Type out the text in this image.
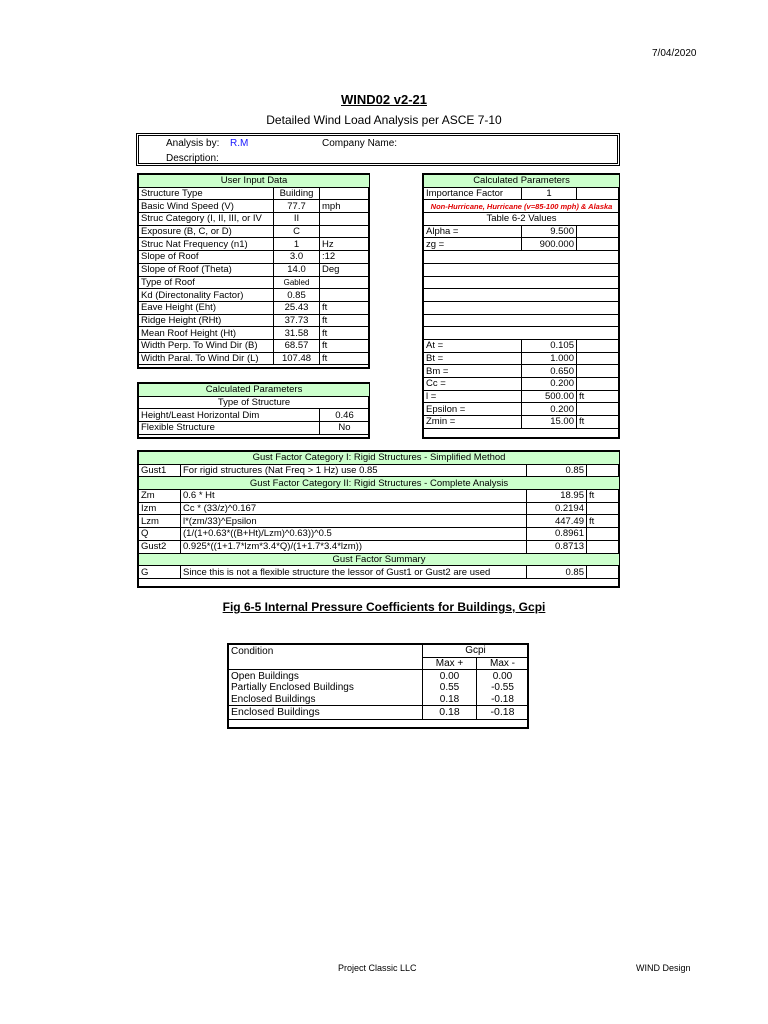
7/04/2020
WIND02 v2-21
Detailed Wind Load Analysis per ASCE 7-10
Analysis by: R.M	Company Name:
Description:
User Input Data		
Structure Type	Building	
Basic Wind Speed (V)	77.7	mph
Struc Category (I, II, III, or IV	II	
Exposure (B, C, or D)	C	
Struc Nat Frequency (n1)	1	Hz
Slope of Roof	3.0	:12
Slope of Roof (Theta)	14.0	Deg
Type of Roof	Gabled	
Kd (Directonality Factor)	0.85	
Eave Height (Eht)	25.43	ft
Ridge Height (RHt)	37.73	ft
Mean Roof Height (Ht)	31.58	ft
Width Perp. To Wind Dir (B)	68.57	ft
Width Paral. To Wind Dir (L)	107.48	ft
Calculated Parameters		
Importance Factor	1	
Non-Hurricane, Hurricane (v=85-100 mph) & Alaska		
Table 6-2 Values		
Alpha =	9.500	
zg =	900.000	

At =	0.105	
Bt =	1.000	
Bm =	0.650	
Cc =	0.200	
l =	500.00	ft
Epsilon =	0.200	
Zmin =	15.00	ft
Calculated Parameters	
Type of Structure	
Height/Least Horizontal Dim	0.46
Flexible Structure	No
Gust Factor Category I: Rigid Structures - Simplified Method			
Gust1	For rigid structures (Nat Freq > 1 Hz) use 0.85	0.85	
Gust Factor Category II: Rigid Structures - Complete Analysis			
Zm	0.6 * Ht	18.95	ft
Izm	Cc * (33/z)^0.167	0.2194	
Lzm	l*(zm/33)^Epsilon	447.49	ft
Q	(1/(1+0.63*((B+Ht)/Lzm)^0.63))^0.5	0.8961	
Gust2	0.925*((1+1.7*lzm*3.4*Q)/(1+1.7*3.4*lzm))	0.8713	
Gust Factor Summary			
G	Since this is not a flexible structure the lessor of Gust1 or Gust2 are used	0.85	
Fig 6-5 Internal Pressure Coefficients for Buildings, Gcpi
Condition	Gcpi	
	Max +	Max -
Open Buildings	0.00	0.00
Partially Enclosed Buildings	0.55	-0.55
Enclosed Buildings	0.18	-0.18
Enclosed Buildings	0.18	-0.18
Project Classic LLC	WIND Design
